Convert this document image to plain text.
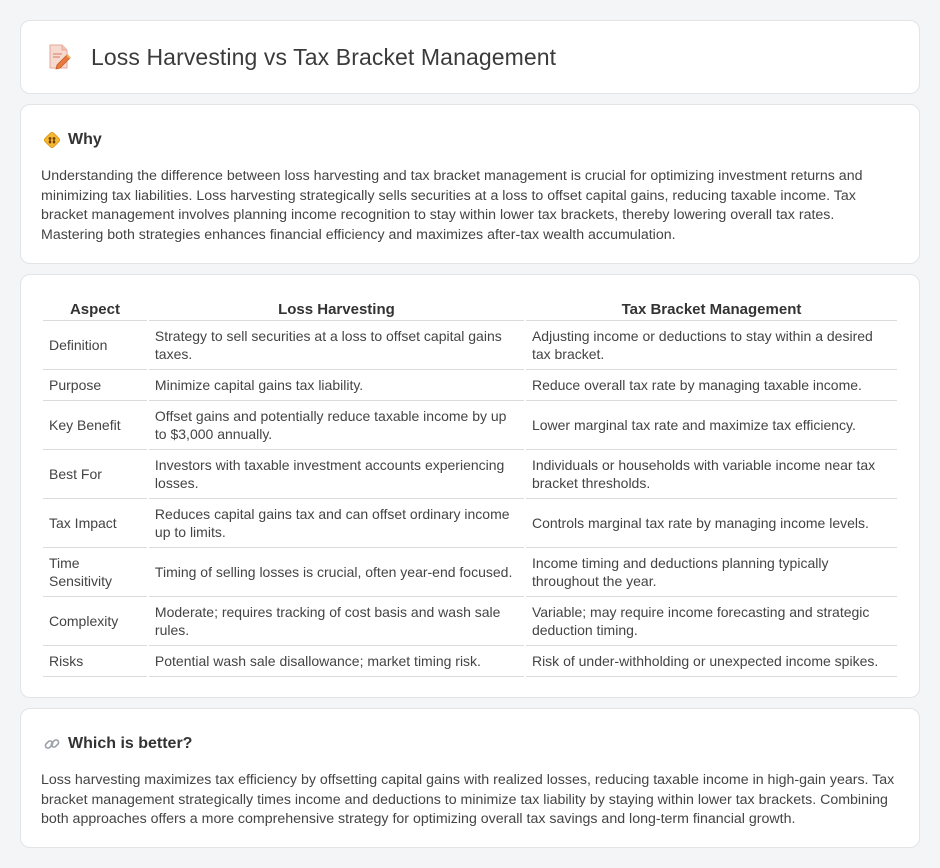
Loss Harvesting vs Tax Bracket Management
Why

Understanding the difference between loss harvesting and tax bracket management is crucial for optimizing investment returns and minimizing tax liabilities. Loss harvesting strategically sells securities at a loss to offset capital gains, reducing taxable income. Tax bracket management involves planning income recognition to stay within lower tax brackets, thereby lowering overall tax rates. Mastering both strategies enhances financial efficiency and maximizes after-tax wealth accumulation.

Aspect	Loss Harvesting	Tax Bracket Management
Definition	Strategy to sell securities at a loss to offset capital gains taxes.	Adjusting income or deductions to stay within a desired tax bracket.
Purpose	Minimize capital gains tax liability.	Reduce overall tax rate by managing taxable income.
Key Benefit	Offset gains and potentially reduce taxable income by up to $3,000 annually.	Lower marginal tax rate and maximize tax efficiency.
Best For	Investors with taxable investment accounts experiencing losses.	Individuals or households with variable income near tax bracket thresholds.
Tax Impact	Reduces capital gains tax and can offset ordinary income up to limits.	Controls marginal tax rate by managing income levels.
Time Sensitivity	Timing of selling losses is crucial, often year-end focused.	Income timing and deductions planning typically throughout the year.
Complexity	Moderate; requires tracking of cost basis and wash sale rules.	Variable; may require income forecasting and strategic deduction timing.
Risks	Potential wash sale disallowance; market timing risk.	Risk of under-withholding or unexpected income spikes.
Which is better?

Loss harvesting maximizes tax efficiency by offsetting capital gains with realized losses, reducing taxable income in high-gain years. Tax bracket management strategically times income and deductions to minimize tax liability by staying within lower tax brackets. Combining both approaches offers a more comprehensive strategy for optimizing overall tax savings and long-term financial growth.
